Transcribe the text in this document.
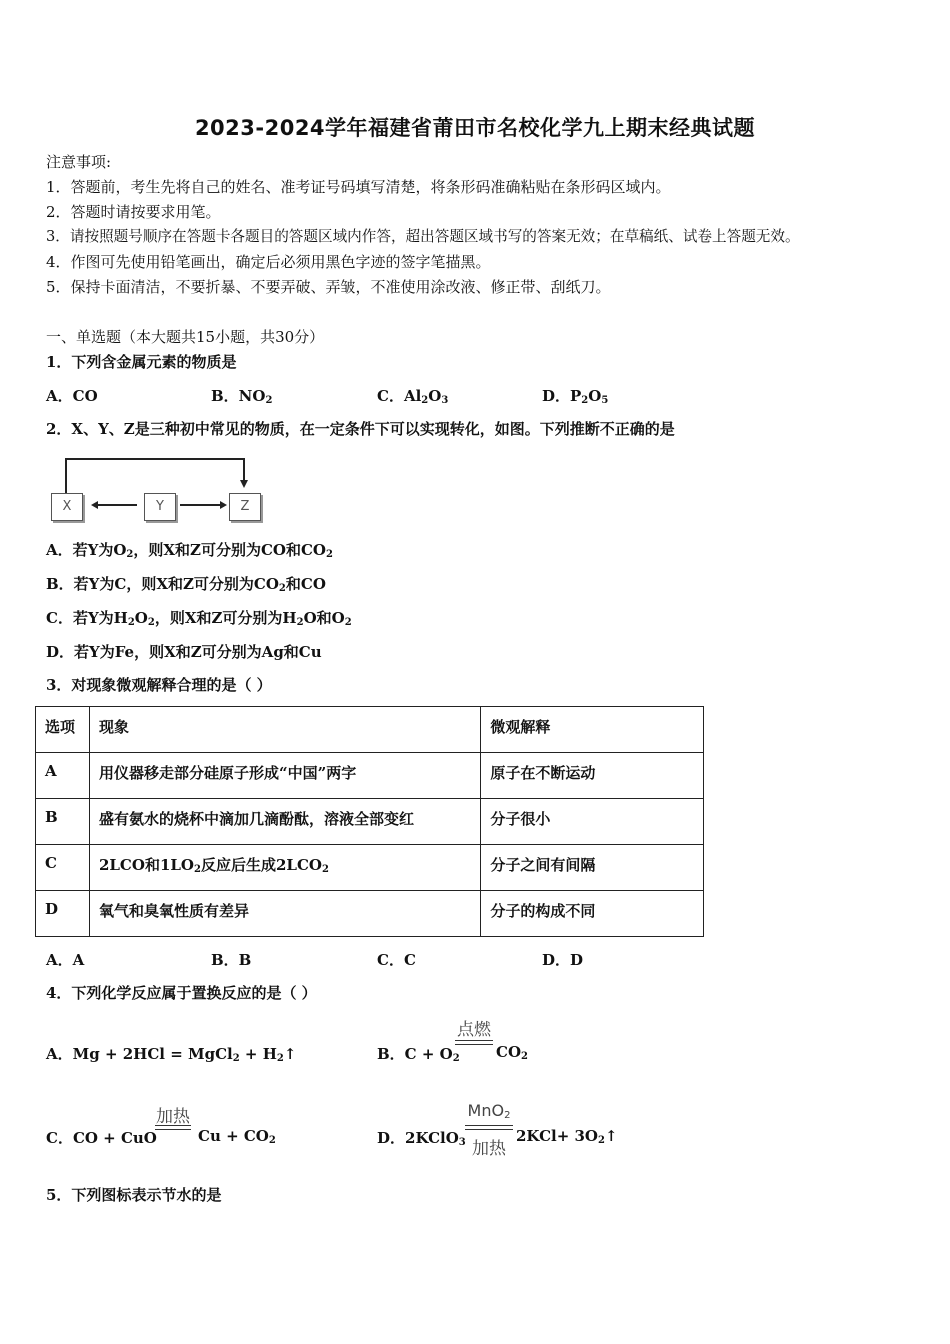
2023-2024学年福建省莆田市名校化学九上期末经典试题
注意事项:
1．答题前，考生先将自己的姓名、准考证号码填写清楚，将条形码准确粘贴在条形码区域内。
2．答题时请按要求用笔。
3．请按照题号顺序在答题卡各题目的答题区域内作答，超出答题区域书写的答案无效；在草稿纸、试卷上答题无效。
4．作图可先使用铅笔画出，确定后必须用黑色字迹的签字笔描黑。
5．保持卡面清洁，不要折暴、不要弄破、弄皱，不准使用涂改液、修正带、刮纸刀。
一、单选题（本大题共15小题，共30分）
1．下列含金属元素的物质是
A．CO	B．$NO_2$	C．$Al_2O_3$	D．$P_2O_5$
2．X、Y、Z是三种初中常见的物质，在一定条件下可以实现转化，如图。下列推断不正确的是
X	Y	Z
A．若Y为$O_2$，则X和Z可分别为CO和$CO_2$
B．若Y为C，则X和Z可分别为$CO_2$和CO
C．若Y为$H_2O_2$，则X和Z可分别为$H_2O$和$O_2$
D．若Y为Fe，则X和Z可分别为Ag和Cu
3．对现象微观解释合理的是（ ）
选项	现象	微观解释
A	用仪器移走部分硅原子形成“中国”两字	原子在不断运动
B	盛有氨水的烧杯中滴加几滴酚酞，溶液全部变红	分子很小
C	2LCO和$1LO_2$反应后生成$2LCO_2$	分子之间有间隔
D	氧气和臭氧性质有差异	分子的构成不同
A．A	B．B	C．C	D．D
4．下列化学反应属于置换反应的是（ ）
A．Mg + 2HCl = MgCl$_2$ + $H_2↑$	B．$C + O_2$
点燃
$CO_2$
C．CO + CuO
加热
$Cu + CO_2$	D．2KClO$_3$
MnO$_2$
加热
$2KCl+ 3O_2↑$
5．下列图标表示节水的是
